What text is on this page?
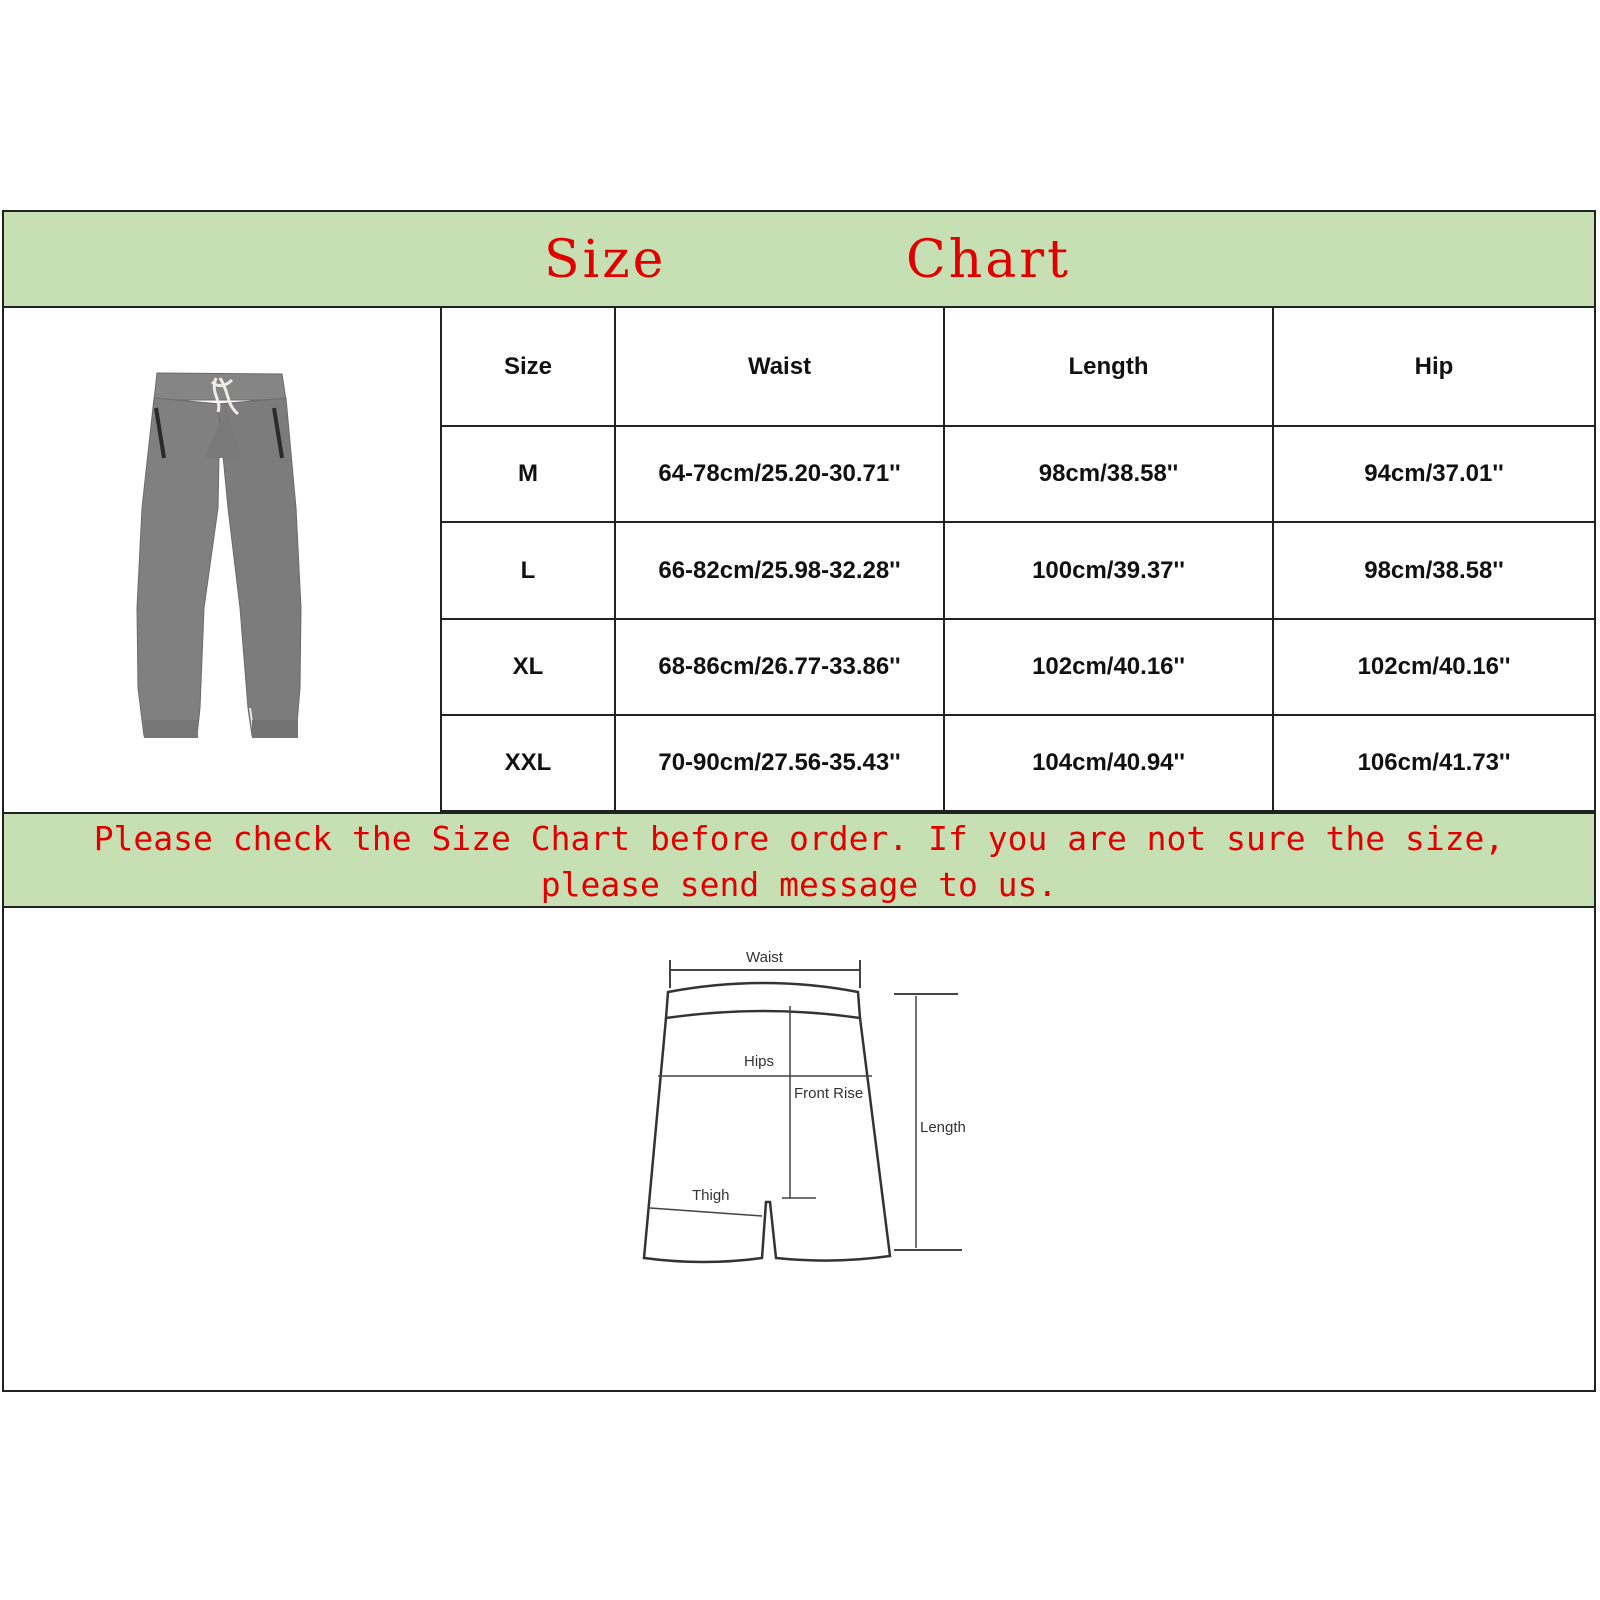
Size	Chart
Size	Waist	Length	Hip
M	64-78cm/25.20-30.71''	98cm/38.58''	94cm/37.01''
L	66-82cm/25.98-32.28''	100cm/39.37''	98cm/38.58''
XL	68-86cm/26.77-33.86''	102cm/40.16''	102cm/40.16''
XXL	70-90cm/27.56-35.43''	104cm/40.94''	106cm/41.73''
Please check the Size Chart before order. If you are not sure the size,
please send message to us.
Waist
Hips
Front Rise
Length
Thigh
